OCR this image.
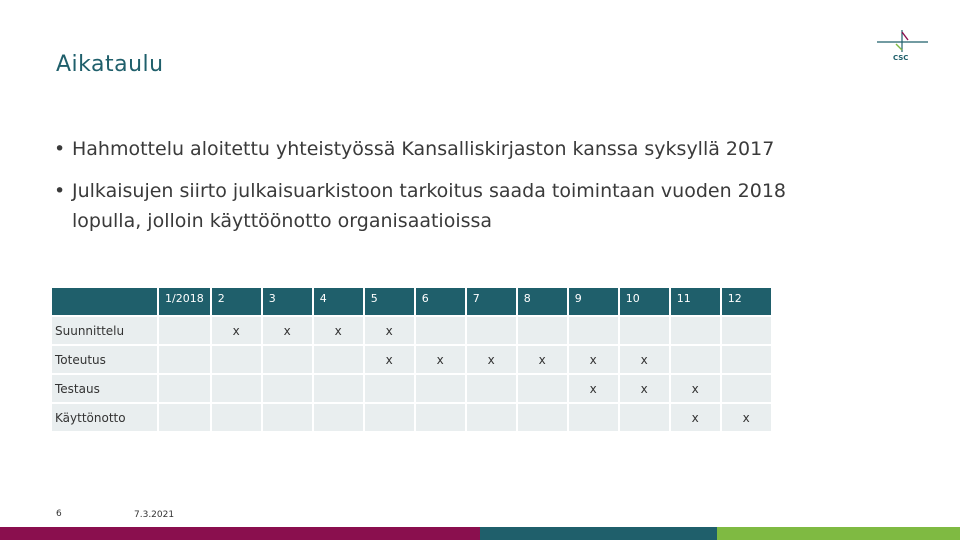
Aikataulu	CSC
• Hahmottelu aloitettu yhteistyössä Kansalliskirjaston kanssa syksyllä 2017
• Julkaisujen siirto julkaisuarkistoon tarkoitus saada toimintaan vuoden 2018 lopulla, jolloin käyttöönotto organisaatioissa

	1/2018	2	3	4	5	6	7	8	9	10	11	12

Suunnittelu		x	x	x	x							
Toteutus					x	x	x	x	x	x		
Testaus									x	x	x	
Käyttönotto											x	x
6	7.3.2021
